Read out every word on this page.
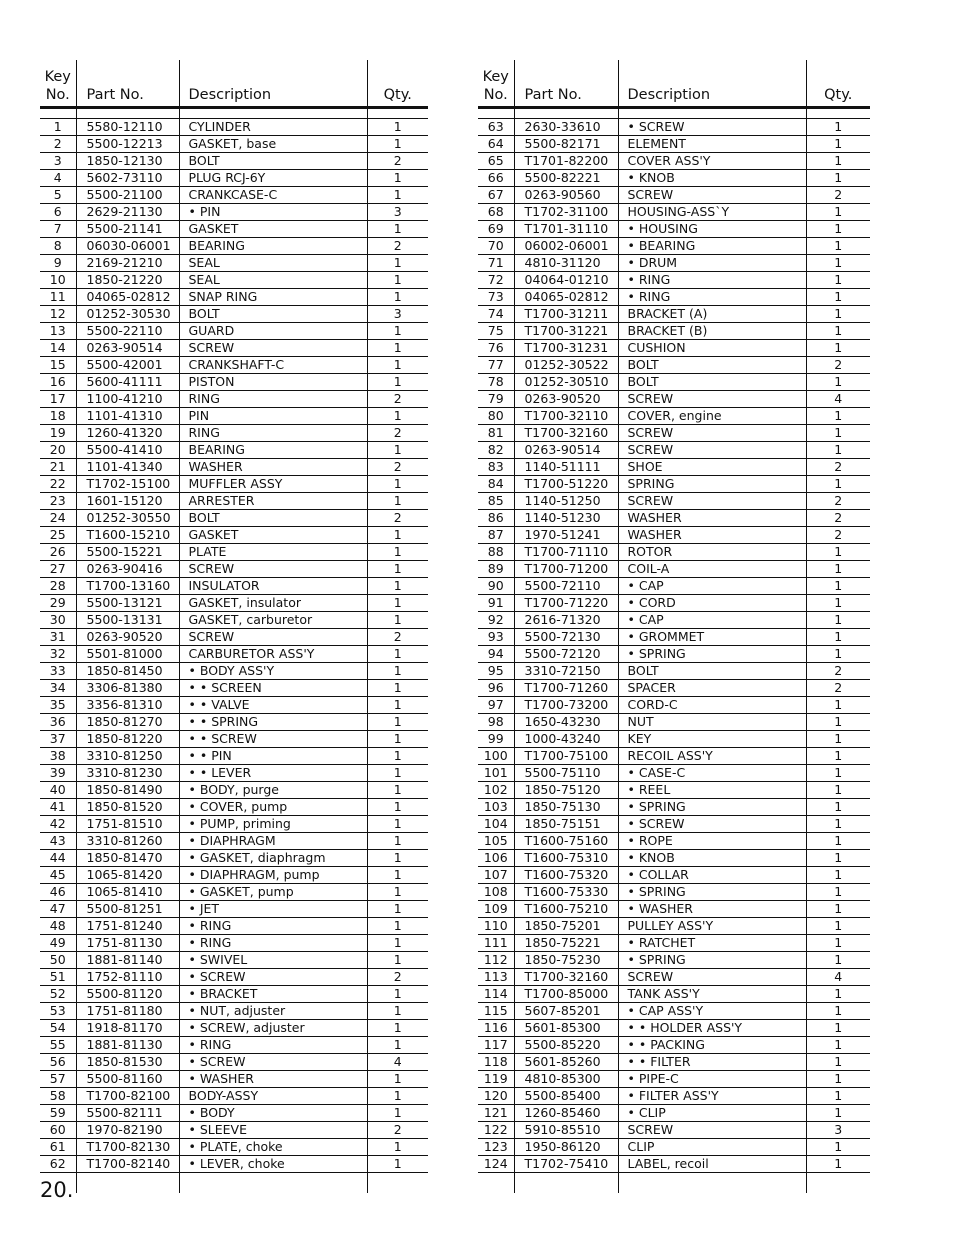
Key
No.	Part No.	Description	Qty.

1	5580-12110	CYLINDER	1
2	5500-12213	GASKET, base	1
3	1850-12130	BOLT	2
4	5602-73110	PLUG RCJ-6Y	1
5	5500-21100	CRANKCASE-C	1
6	2629-21130	• PIN	3
7	5500-21141	GASKET	1
8	06030-06001	BEARING	2
9	2169-21210	SEAL	1
10	1850-21220	SEAL	1
11	04065-02812	SNAP RING	1
12	01252-30530	BOLT	3
13	5500-22110	GUARD	1
14	0263-90514	SCREW	1
15	5500-42001	CRANKSHAFT-C	1
16	5600-41111	PISTON	1
17	1100-41210	RING	2
18	1101-41310	PIN	1
19	1260-41320	RING	2
20	5500-41410	BEARING	1
21	1101-41340	WASHER	2
22	T1702-15100	MUFFLER ASSY	1
23	1601-15120	ARRESTER	1
24	01252-30550	BOLT	2
25	T1600-15210	GASKET	1
26	5500-15221	PLATE	1
27	0263-90416	SCREW	1
28	T1700-13160	INSULATOR	1
29	5500-13121	GASKET, insulator	1
30	5500-13131	GASKET, carburetor	1
31	0263-90520	SCREW	2
32	5501-81000	CARBURETOR ASS'Y	1
33	1850-81450	• BODY ASS'Y	1
34	3306-81380	• • SCREEN	1
35	3356-81310	• • VALVE	1
36	1850-81270	• • SPRING	1
37	1850-81220	• • SCREW	1
38	3310-81250	• • PIN	1
39	3310-81230	• • LEVER	1
40	1850-81490	• BODY, purge	1
41	1850-81520	• COVER, pump	1
42	1751-81510	• PUMP, priming	1
43	3310-81260	• DIAPHRAGM	1
44	1850-81470	• GASKET, diaphragm	1
45	1065-81420	• DIAPHRAGM, pump	1
46	1065-81410	• GASKET, pump	1
47	5500-81251	• JET	1
48	1751-81240	• RING	1
49	1751-81130	• RING	1
50	1881-81140	• SWIVEL	1
51	1752-81110	• SCREW	2
52	5500-81120	• BRACKET	1
53	1751-81180	• NUT, adjuster	1
54	1918-81170	• SCREW, adjuster	1
55	1881-81130	• RING	1
56	1850-81530	• SCREW	4
57	5500-81160	• WASHER	1
58	T1700-82100	BODY-ASSY	1
59	5500-82111	• BODY	1
60	1970-82190	• SLEEVE	2
61	T1700-82130	• PLATE, choke	1
62	T1700-82140	• LEVER, choke	1

Key
No.	Part No.	Description	Qty.

63	2630-33610	• SCREW	1
64	5500-82171	ELEMENT	1
65	T1701-82200	COVER ASS'Y	1
66	5500-82221	• KNOB	1
67	0263-90560	SCREW	2
68	T1702-31100	HOUSING-ASS`Y	1
69	T1701-31110	• HOUSING	1
70	06002-06001	• BEARING	1
71	4810-31120	• DRUM	1
72	04064-01210	• RING	1
73	04065-02812	• RING	1
74	T1700-31211	BRACKET (A)	1
75	T1700-31221	BRACKET (B)	1
76	T1700-31231	CUSHION	1
77	01252-30522	BOLT	2
78	01252-30510	BOLT	1
79	0263-90520	SCREW	4
80	T1700-32110	COVER, engine	1
81	T1700-32160	SCREW	1
82	0263-90514	SCREW	1
83	1140-51111	SHOE	2
84	T1700-51220	SPRING	1
85	1140-51250	SCREW	2
86	1140-51230	WASHER	2
87	1970-51241	WASHER	2
88	T1700-71110	ROTOR	1
89	T1700-71200	COIL-A	1
90	5500-72110	• CAP	1
91	T1700-71220	• CORD	1
92	2616-71320	• CAP	1
93	5500-72130	• GROMMET	1
94	5500-72120	• SPRING	1
95	3310-72150	BOLT	2
96	T1700-71260	SPACER	2
97	T1700-73200	CORD-C	1
98	1650-43230	NUT	1
99	1000-43240	KEY	1
100	T1700-75100	RECOIL ASS'Y	1
101	5500-75110	• CASE-C	1
102	1850-75120	• REEL	1
103	1850-75130	• SPRING	1
104	1850-75151	• SCREW	1
105	T1600-75160	• ROPE	1
106	T1600-75310	• KNOB	1
107	T1600-75320	• COLLAR	1
108	T1600-75330	• SPRING	1
109	T1600-75210	• WASHER	1
110	1850-75201	PULLEY ASS'Y	1
111	1850-75221	• RATCHET	1
112	1850-75230	• SPRING	1
113	T1700-32160	SCREW	4
114	T1700-85000	TANK ASS'Y	1
115	5607-85201	• CAP ASS'Y	1
116	5601-85300	• • HOLDER ASS'Y	1
117	5500-85220	• • PACKING	1
118	5601-85260	• • FILTER	1
119	4810-85300	• PIPE-C	1
120	5500-85400	• FILTER ASS'Y	1
121	1260-85460	• CLIP	1
122	5910-85510	SCREW	3
123	1950-86120	CLIP	1
124	T1702-75410	LABEL, recoil	1

20.
